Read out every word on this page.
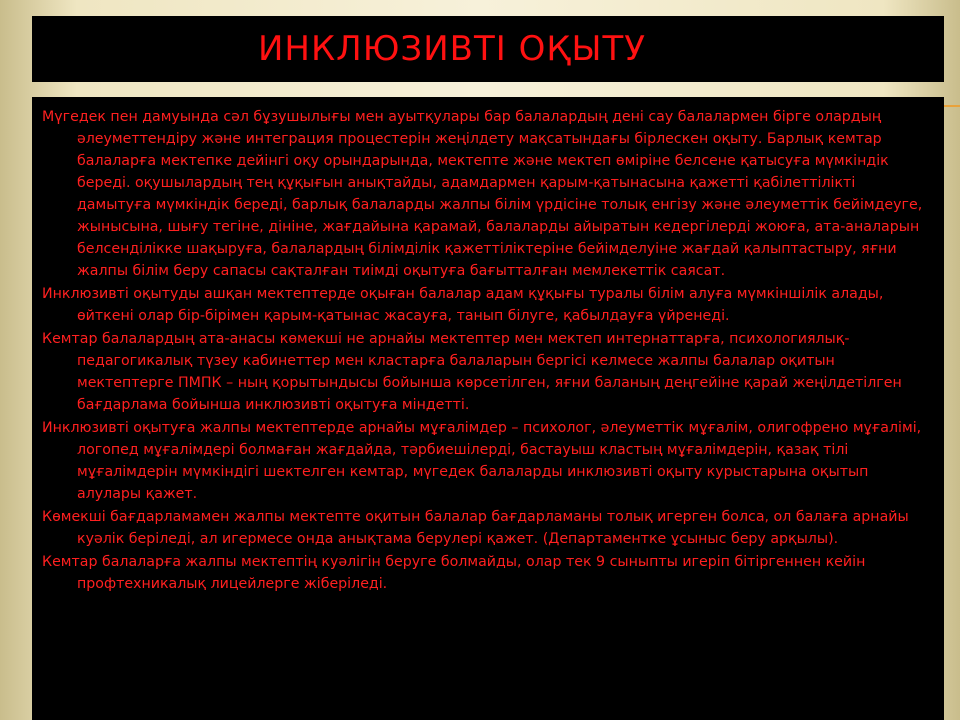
ИНКЛЮЗИВТІ ОҚЫТУ

Мүгедек пен дамуында сәл бұзушылығы мен ауытқулары бар балалардың дені сау балалармен бірге олардың әлеуметтендіру және интеграция процестерін жеңілдету мақсатындағы бірлескен оқыту. Барлық кемтар балаларға мектепке дейінгі оқу орындарында, мектепте және мектеп өміріне белсене қатысуға мүмкіндік береді. оқушылардың тең құқығын анықтайды, адамдармен қарым-қатынасына қажетті қабілеттілікті дамытуға мүмкіндік береді, барлық балаларды жалпы білім үрдісіне толық енгізу және әлеуметтік бейімдеуге, жынысына, шығу тегіне, дініне, жағдайына қарамай, балаларды айыратын кедергілерді жоюға, ата-аналарын белсенділікке шақыруға, балалардың білімділік қажеттіліктеріне бейімделуіне жағдай қалыптастыру, яғни жалпы білім беру сапасы сақталған тиімді оқытуға бағытталған мемлекеттік саясат.

Инклюзивті оқытуды ашқан мектептерде оқыған балалар адам құқығы туралы білім алуға мүмкіншілік алады, өйткені олар бір-бірімен қарым-қатынас жасауға, танып білуге, қабылдауға үйренеді.

Кемтар балалардың ата-анасы көмекші не арнайы мектептер мен мектеп интернаттарға, психологиялық-педагогикалық түзеу кабинеттер мен кластарға балаларын бергісі келмесе жалпы балалар оқитын мектептерге ПМПК – ның қорытындысы бойынша көрсетілген, яғни баланың деңгейіне қарай жеңілдетілген бағдарлама бойынша инклюзивті оқытуға міндетті.

Инклюзивті оқытуға жалпы мектептерде арнайы мұғалімдер – психолог, әлеуметтік мұғалім, олигофрено мұғалімі, логопед мұғалімдері болмаған жағдайда, тәрбиешілерді, бастауыш кластың мұғалімдерін, қазақ тілі мұғалімдерін мүмкіндігі шектелген кемтар, мүгедек балаларды инклюзивті оқыту курыстарына оқытып алулары қажет.

Көмекші бағдарламамен жалпы мектепте оқитын балалар бағдарламаны толық игерген болса, ол балаға арнайы куәлік беріледі, ал игермесе онда анықтама берулері қажет. (Департаментке ұсыныс беру арқылы).

Кемтар балаларға жалпы мектептің куәлігін беруге болмайды, олар тек 9 сыныпты игеріп бітіргеннен кейін профтехникалық лицейлерге жіберіледі.
